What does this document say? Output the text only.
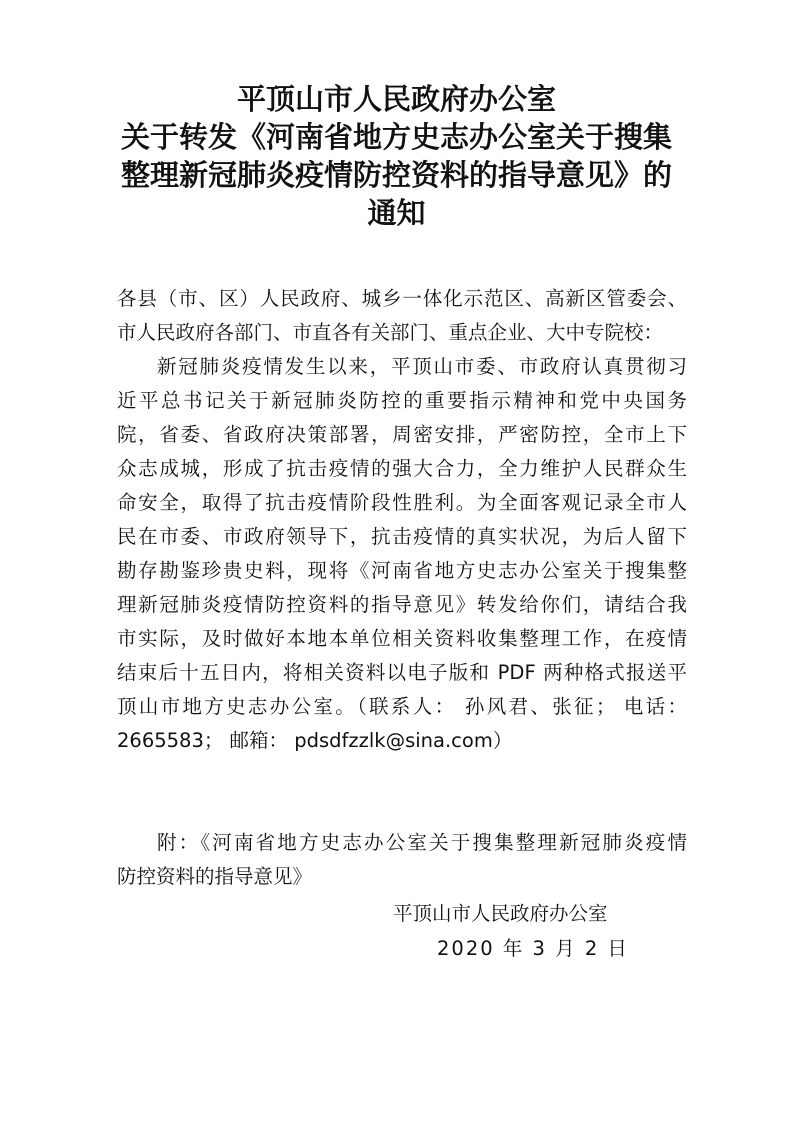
平顶山市人民政府办公室
关于转发《河南省地方史志办公室关于搜集
整理新冠肺炎疫情防控资料的指导意见》的
通知
各县（市、区）人民政府、城乡一体化示范区、高新区管委会、
市人民政府各部门、市直各有关部门、重点企业、大中专院校：
新冠肺炎疫情发生以来，平顶山市委、市政府认真贯彻习
近平总书记关于新冠肺炎防控的重要指示精神和党中央国务
院，省委、省政府决策部署，周密安排，严密防控，全市上下
众志成城，形成了抗击疫情的强大合力，全力维护人民群众生
命安全，取得了抗击疫情阶段性胜利。为全面客观记录全市人
民在市委、市政府领导下，抗击疫情的真实状况，为后人留下
勘存勘鉴珍贵史料，现将《河南省地方史志办公室关于搜集整
理新冠肺炎疫情防控资料的指导意见》转发给你们，请结合我
市实际，及时做好本地本单位相关资料收集整理工作，在疫情
结束后十五日内，将相关资料以电子版和 PDF 两种格式报送平
顶山市地方史志办公室。（联系人： 孙风君、张征； 电话：
2665583； 邮箱： pdsdfzzlk@sina.com）
附：《河南省地方史志办公室关于搜集整理新冠肺炎疫情
防控资料的指导意见》
平顶山市人民政府办公室
2020 年 3 月 2 日
